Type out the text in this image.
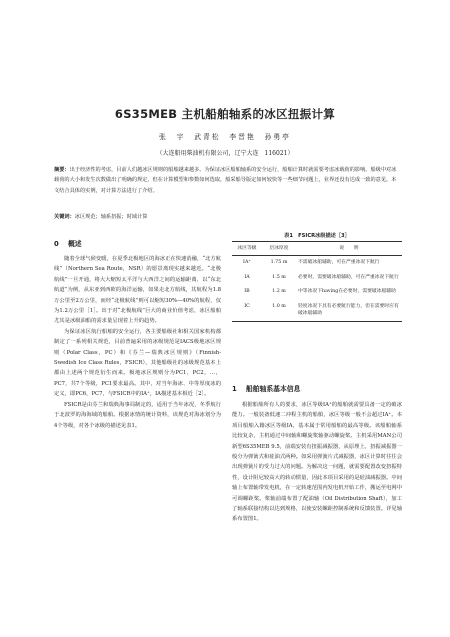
6S35MEB 主机船舶轴系的冰区扭振计算
张　宇　武青松　李晋艳　孙勇亭
（大连船用柴油机有限公司，辽宁大连　116021）
摘要：出于经济性的考虑，目前人们越冰区规则的船舶越来越多。为保证冰区船舶轴系的安全运行，船舶计算时就需要考虑冰载荷的影响。船级中对冰载荷的大小和发生次数做出了明确的规定，但在计算模型和参数如何选取，船采船导版定如何较快等一些细节问题上，业界还没有达成一致的意见。本文结合具体的实例，对计算方法进行了介绍。
关键词：冰区规范；轴系扭振；时域计算
0 概述

随着全球气候变暖，在夏季北极地区的海冰正在快速消融，“北方航线”（Northern Sea Route，NSR）的愿景离现实越来越近。“北极航线”一旦开通，将大大缩短太平洋与大西洋之间的运输距离，以“东北航道”为例，从东亚到西欧的海洋运输，如果走北方航线，其航程为1.8万公里至2万公里，而经“北极航线”则可以缩短30%—40%的航程，仅为1.2万公里［1］。出于对“北极航线”巨大的商业价值考虑，冰区船舶尤其是冰级油船的需求量呈现着上升的趋势。

为保证冰区航行船舶的安全运行，各主要船级社和相关国家机构都制定了一系列相关规范，目前普遍采用的冰级规范是IACS极地冰区规则（Polar Class，PC）和《芬兰—瑞典冰区规则》（Finnish-Swedish Ice Class Rules，FSICR），其他船级社的冰级规范基本上都由上述两个规范衍生而来。极地冰区规则分为PC1，PC2，…，PC7，共7个等级，PC1要求最高。其中，对当年海冰、中等厚度冰的定义，即PC6，PC7，与FSICR中的IA⁺，IA描述基本相近［2］。

FSICR是由芬兰和瑞典海事局制定的，适用于当年冰况，冬季航行于北波罗的海海域的船舶。根据冰情的统计资料，该规范对海冰划分为4个等级，对各个冰级的描述见表1。

表1　FSICR冰级描述［3］
冰区等级	层冰厚度	说　　明
IA⁺	1.75 m	不需破冰船辅助，可在严重冰况下航行
IA	1.5 m	必要时，需要破冰船辅助，可在严重冰况下航行
IB	1.2 m	中等冰况下having在必要时，需要破冰船辅助
IC	1.0 m	轻度冰况下具有必要航行能力，但在需要时应有破冰船辅助
1 船舶轴系基本信息

根据船舶所有人的要求，冰区等级IA⁺的船舶就需要具备一定的破冰能力。一般装备低速二冲程主机的船舶，冰区等级一般不会超过IA⁺。本项目船舶入籍冰区等级IA，基本属于常用船舶的最高等级。该船舶轴系比较复杂，主机通过中间轴和螺旋桨轴驱动螺旋桨。主机采用MAN公司新型6S35MEB 9.5，前端安装有扭振减振器，从原理上，扭振减振器一般分为弹簧式和硅油式两种。如采用弹簧片式减振器，冰区计算时往往会出现弹簧片的受力过大的问题。为解决这一问题，就需要配置改变扭振特性，设计阻尼较高大的转动惯量，因此本项目采用的是硅油减振器。中间轴上布置轴带发电机，在一定转速范围内发电机开始工作，搬运至电网中可调螺距桨。桨轴前端布置了配油轴（Oil Distribution Shaft），加工了轴系联接结构以达到规格，以使安装螺距控制系统和反馈装置。详见轴系布置图1。
